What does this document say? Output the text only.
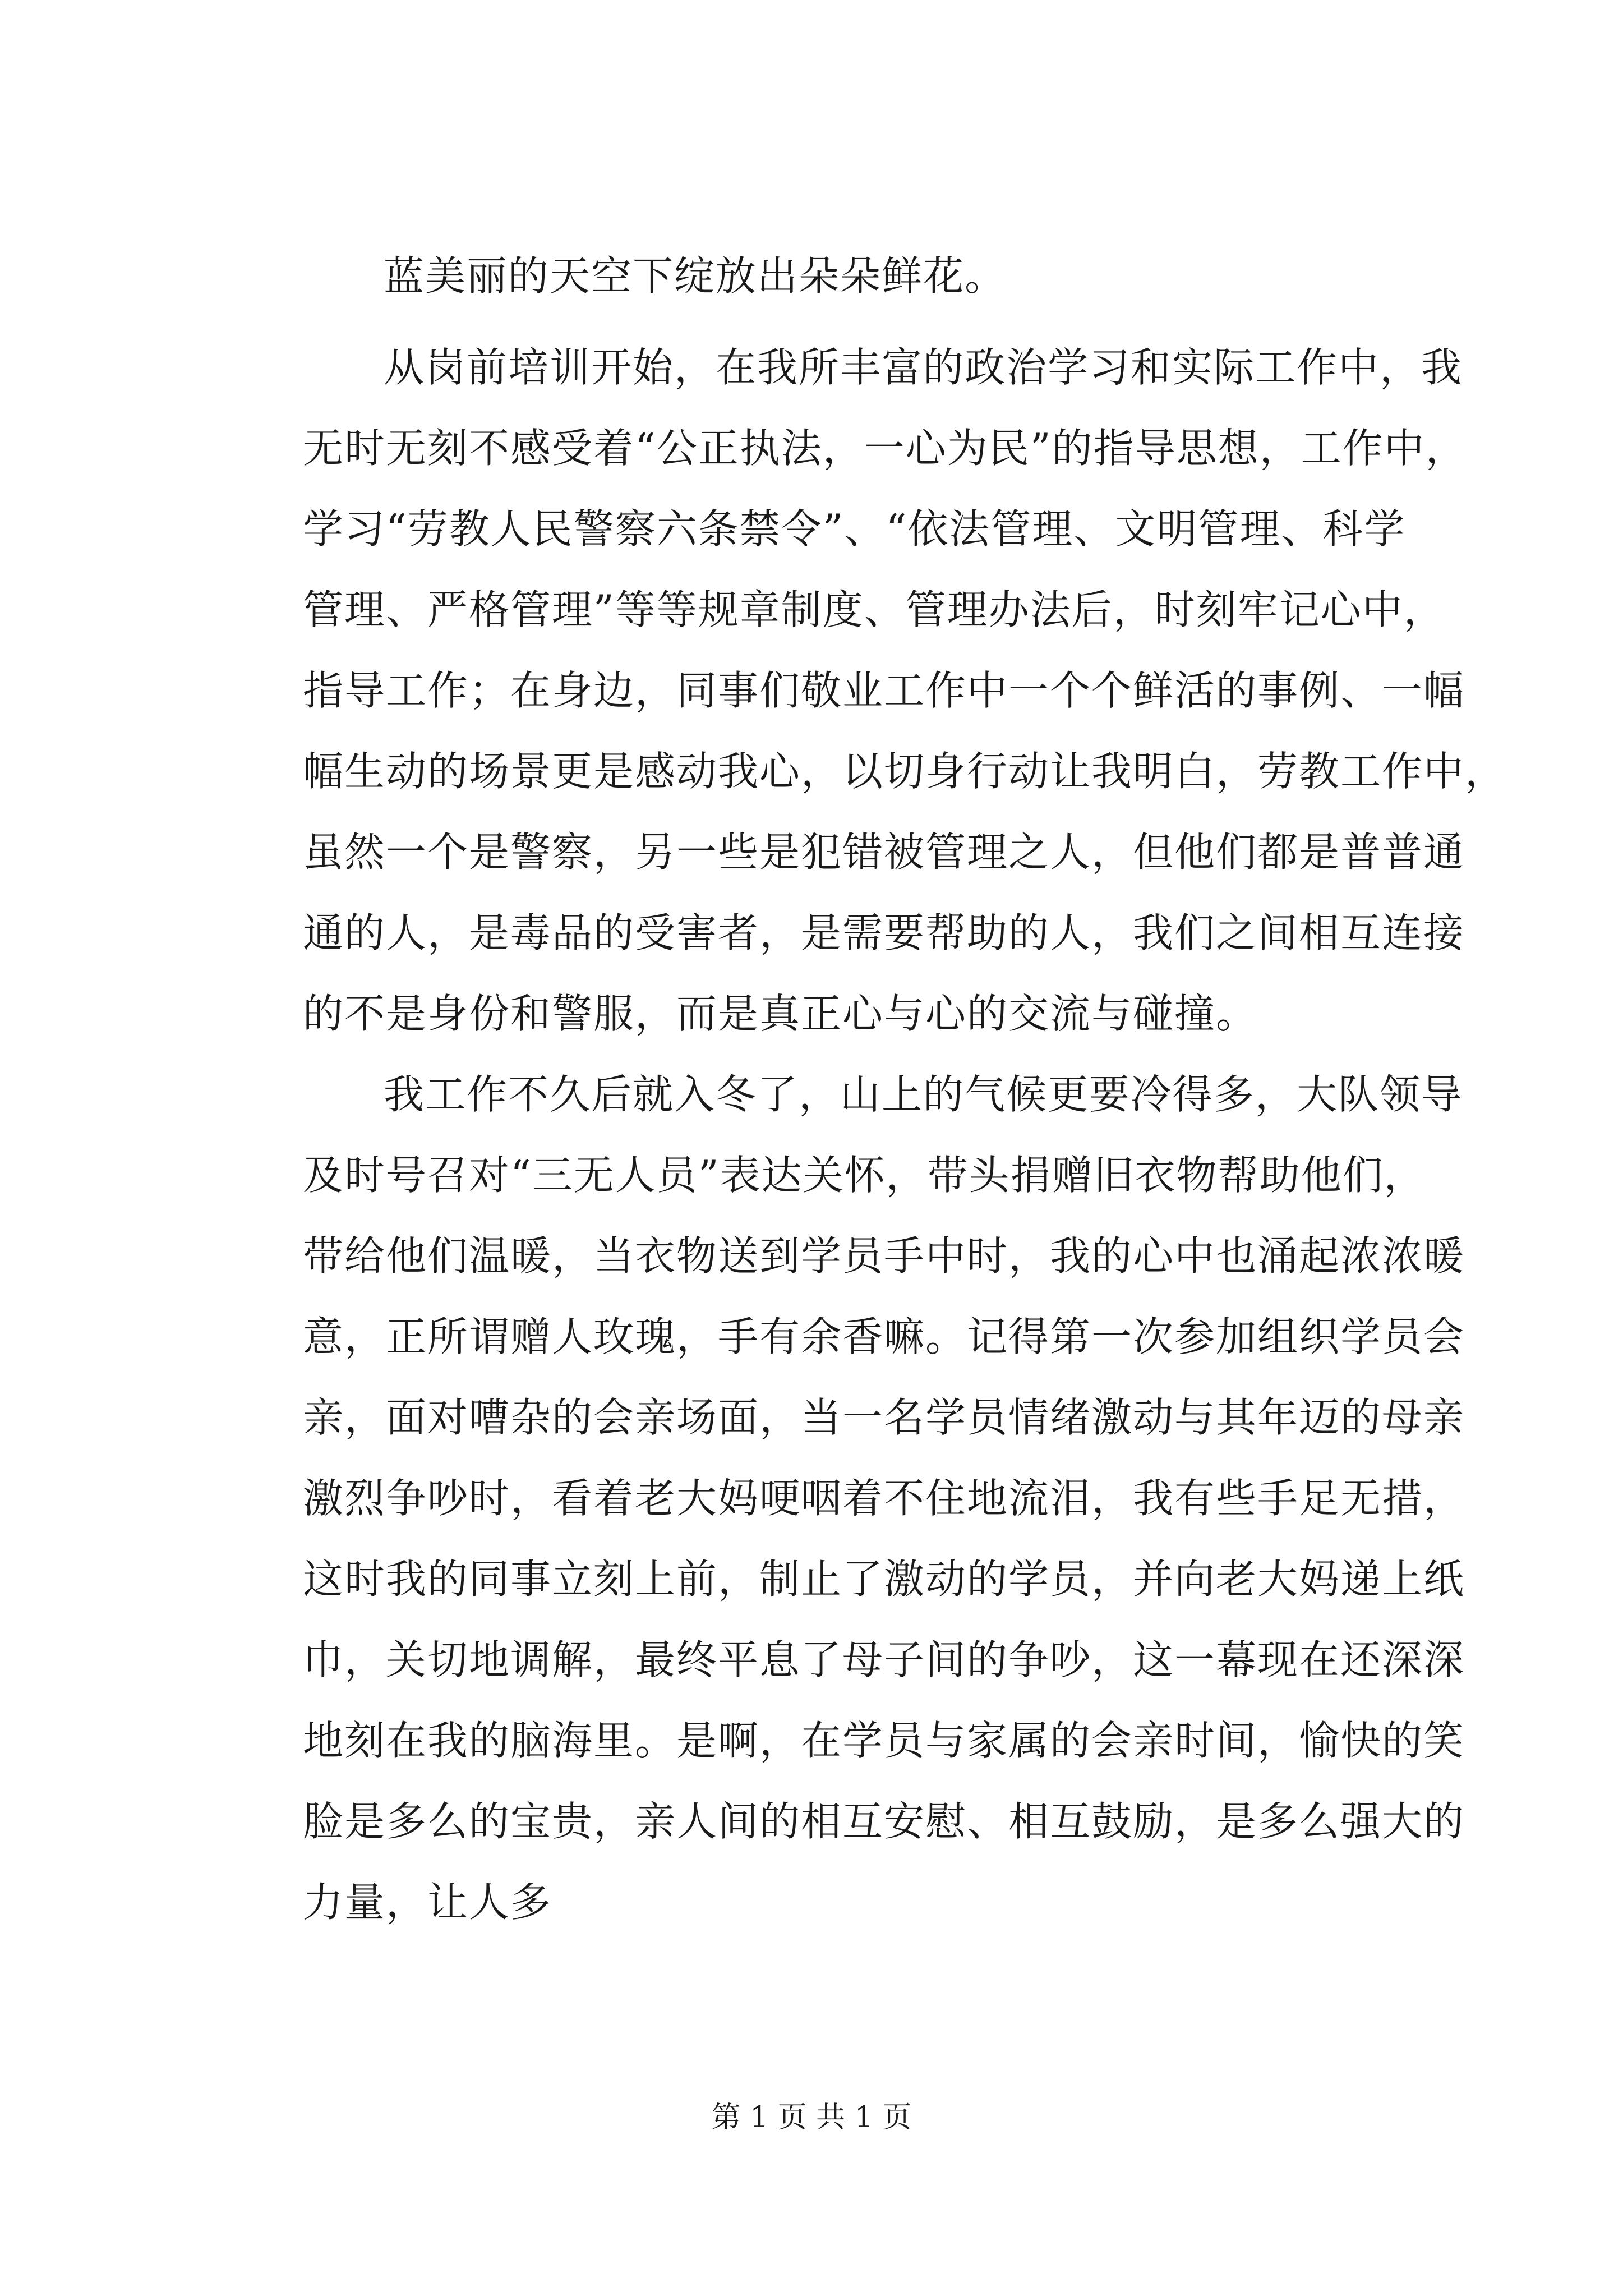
蓝美丽的天空下绽放出朵朵鲜花。
从岗前培训开始，在我所丰富的政治学习和实际工作中，我
无时无刻不感受着“公正执法，一心为民”的指导思想，工作中，
学习“劳教人民警察六条禁令”、“依法管理、文明管理、科学
管理、严格管理”等等规章制度、管理办法后，时刻牢记心中，
指导工作；在身边，同事们敬业工作中一个个鲜活的事例、一幅
幅生动的场景更是感动我心，以切身行动让我明白，劳教工作中，
虽然一个是警察，另一些是犯错被管理之人，但他们都是普普通
通的人，是毒品的受害者，是需要帮助的人，我们之间相互连接
的不是身份和警服，而是真正心与心的交流与碰撞。
我工作不久后就入冬了，山上的气候更要冷得多，大队领导
及时号召对“三无人员”表达关怀，带头捐赠旧衣物帮助他们，
带给他们温暖，当衣物送到学员手中时，我的心中也涌起浓浓暖
意，正所谓赠人玫瑰，手有余香嘛。记得第一次参加组织学员会
亲，面对嘈杂的会亲场面，当一名学员情绪激动与其年迈的母亲
激烈争吵时，看着老大妈哽咽着不住地流泪，我有些手足无措，
这时我的同事立刻上前，制止了激动的学员，并向老大妈递上纸
巾，关切地调解，最终平息了母子间的争吵，这一幕现在还深深
地刻在我的脑海里。是啊，在学员与家属的会亲时间，愉快的笑
脸是多么的宝贵，亲人间的相互安慰、相互鼓励，是多么强大的
力量，让人多
第 1 页 共 1 页
